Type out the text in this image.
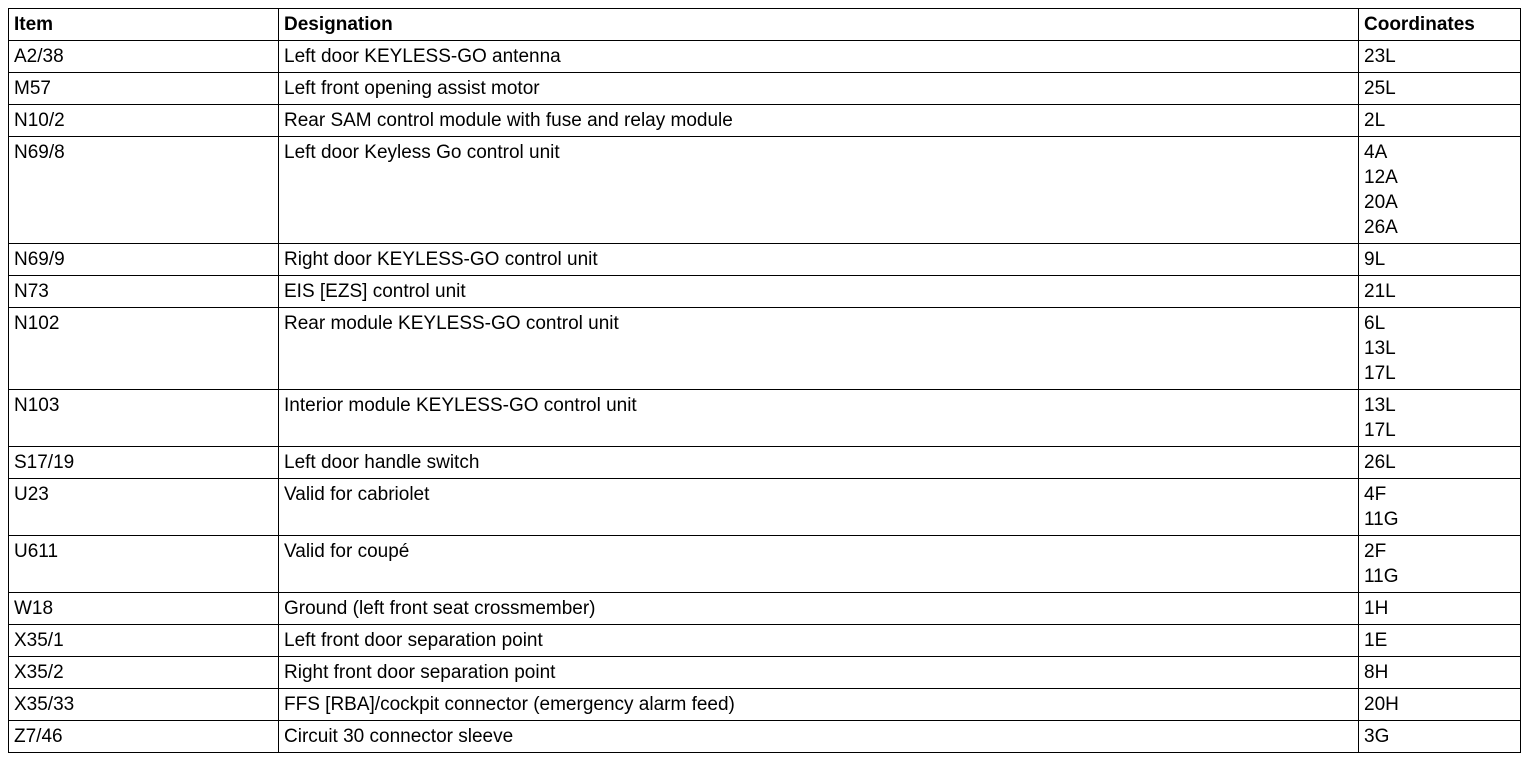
Item	Designation	Coordinates
A2/38	Left door KEYLESS-GO antenna	23L

M57	Left front opening assist motor	25L

N10/2	Rear SAM control module with fuse and relay module	2L

N69/8	Left door Keyless Go control unit	4A
12A
20A
26A

N69/9	Right door KEYLESS-GO control unit	9L

N73	EIS [EZS] control unit	21L

N102	Rear module KEYLESS-GO control unit	6L
13L
17L

N103	Interior module KEYLESS-GO control unit	13L
17L

S17/19	Left door handle switch	26L

U23	Valid for cabriolet	4F
11G

U611	Valid for coupé	2F
11G

W18	Ground (left front seat crossmember)	1H

X35/1	Left front door separation point	1E

X35/2	Right front door separation point	8H

X35/33	FFS [RBA]/cockpit connector (emergency alarm feed)	20H

Z7/46	Circuit 30 connector sleeve	3G
